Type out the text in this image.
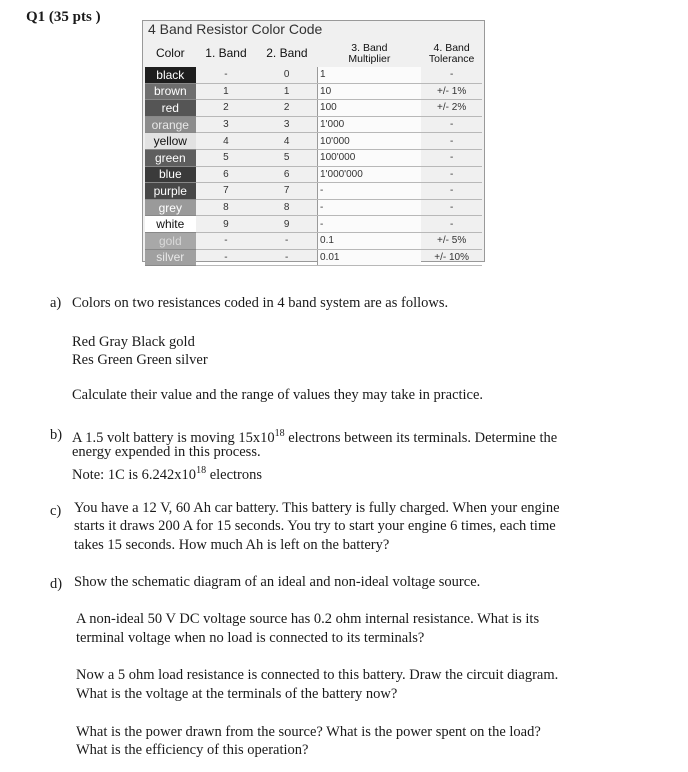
Q1 (35 pts )
4 Band Resistor Color Code
Color	1. Band	2. Band	3. Band Multiplier	4. Band Tolerance
black	-	0	1	-
brown	1	1	10	+/- 1%
red	2	2	100	+/- 2%
orange	3	3	1'000	-
yellow	4	4	10'000	-
green	5	5	100'000	-
blue	6	6	1'000'000	-
purple	7	7	-	-
grey	8	8	-	-
white	9	9	-	-
gold	-	-	0.1	+/- 5%
silver	-	-	0.01	+/- 10%
a) Colors on two resistances coded in 4 band system are as follows.
Red Gray Black gold
Res Green Green silver
Calculate their value and the range of values they may take in practice.
b) A 1.5 volt battery is moving $15x10^{18}$ electrons between its terminals. Determine the
energy expended in this process.
Note: 1C is $6.242x10^{18}$ electrons
c) You have a 12 V, 60 Ah car battery. This battery is fully charged. When your engine
starts it draws 200 A for 15 seconds. You try to start your engine 6 times, each time
takes 15 seconds. How much Ah is left on the battery?
d) Show the schematic diagram of an ideal and non-ideal voltage source.
A non-ideal 50 V DC voltage source has 0.2 ohm internal resistance. What is its
terminal voltage when no load is connected to its terminals?
Now a 5 ohm load resistance is connected to this battery. Draw the circuit diagram.
What is the voltage at the terminals of the battery now?
What is the power drawn from the source? What is the power spent on the load?
What is the efficiency of this operation?
